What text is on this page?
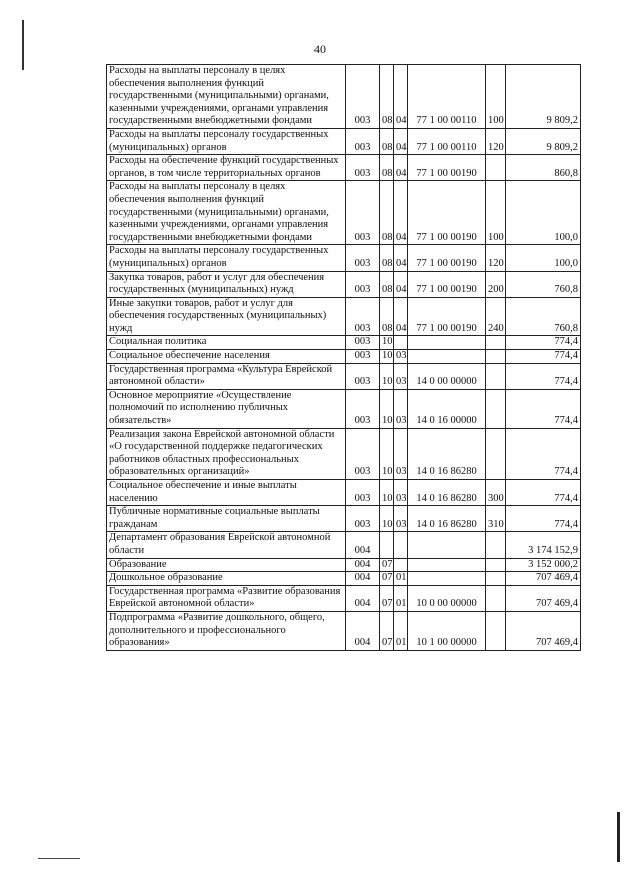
40
Расходы на выплаты персоналу в целях обеспечения выполнения функций государственными (муниципальными) органами, казенными учреждениями, органами управления государственными внебюджетными фондами	003	08	04	77 1 00 00110	100	9 809,2
Расходы на выплаты персоналу государственных (муниципальных) органов	003	08	04	77 1 00 00110	120	9 809,2
Расходы на обеспечение функций государственных органов, в том числе территориальных органов	003	08	04	77 1 00 00190		860,8
Расходы на выплаты персоналу в целях обеспечения выполнения функций государственными (муниципальными) органами, казенными учреждениями, органами управления государственными внебюджетными фондами	003	08	04	77 1 00 00190	100	100,0
Расходы на выплаты персоналу государственных (муниципальных) органов	003	08	04	77 1 00 00190	120	100,0
Закупка товаров, работ и услуг для обеспечения государственных (муниципальных) нужд	003	08	04	77 1 00 00190	200	760,8
Иные закупки товаров, работ и услуг для обеспечения государственных (муниципальных) нужд	003	08	04	77 1 00 00190	240	760,8
Социальная политика	003	10				774,4
Социальное обеспечение населения	003	10	03			774,4
Государственная программа «Культура Еврейской автономной области»	003	10	03	14 0 00 00000		774,4
Основное мероприятие «Осуществление полномочий по исполнению публичных обязательств»	003	10	03	14 0 16 00000		774,4
Реализация закона Еврейской автономной области «О государственной поддержке педагогических работников областных профессиональных образовательных организаций»	003	10	03	14 0 16 86280		774,4
Социальное обеспечение и иные выплаты населению	003	10	03	14 0 16 86280	300	774,4
Публичные нормативные социальные выплаты гражданам	003	10	03	14 0 16 86280	310	774,4
Департамент образования Еврейской автономной области	004					3 174 152,9
Образование	004	07				3 152 000,2
Дошкольное образование	004	07	01			707 469,4
Государственная программа «Развитие образования Еврейской автономной области»	004	07	01	10 0 00 00000		707 469,4
Подпрограмма «Развитие дошкольного, общего, дополнительного и профессионального образования»	004	07	01	10 1 00 00000		707 469,4
